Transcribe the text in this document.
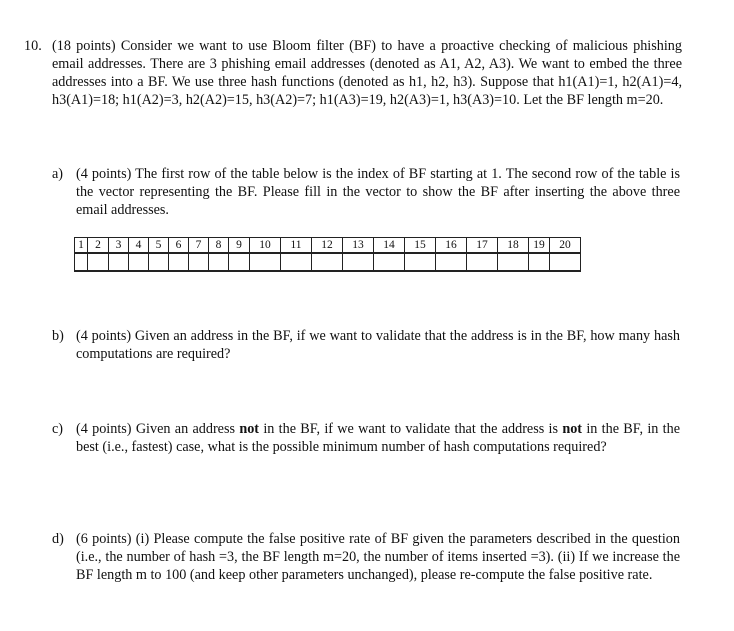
10. (18 points) Consider we want to use Bloom filter (BF) to have a proactive checking of malicious phishing email addresses. There are 3 phishing email addresses (denoted as A1, A2, A3). We want to embed the three addresses into a BF. We use three hash functions (denoted as h1, h2, h3). Suppose that h1(A1)=1, h2(A1)=4, h3(A1)=18; h1(A2)=3, h2(A2)=15, h3(A2)=7; h1(A3)=19, h2(A3)=1, h3(A3)=10. Let the BF length m=20.
a) (4 points) The first row of the table below is the index of BF starting at 1. The second row of the table is the vector representing the BF. Please fill in the vector to show the BF after inserting the above three email addresses.
1	2	3	4	5	6	7	8	9	10	11	12	13	14	15	16	17	18	19	20

b) (4 points) Given an address in the BF, if we want to validate that the address is in the BF, how many hash computations are required?
c) (4 points) Given an address not in the BF, if we want to validate that the address is not in the BF, in the best (i.e., fastest) case, what is the possible minimum number of hash computations required?
d) (6 points) (i) Please compute the false positive rate of BF given the parameters described in the question (i.e., the number of hash =3, the BF length m=20, the number of items inserted =3). (ii) If we increase the BF length m to 100 (and keep other parameters unchanged), please re-compute the false positive rate.
